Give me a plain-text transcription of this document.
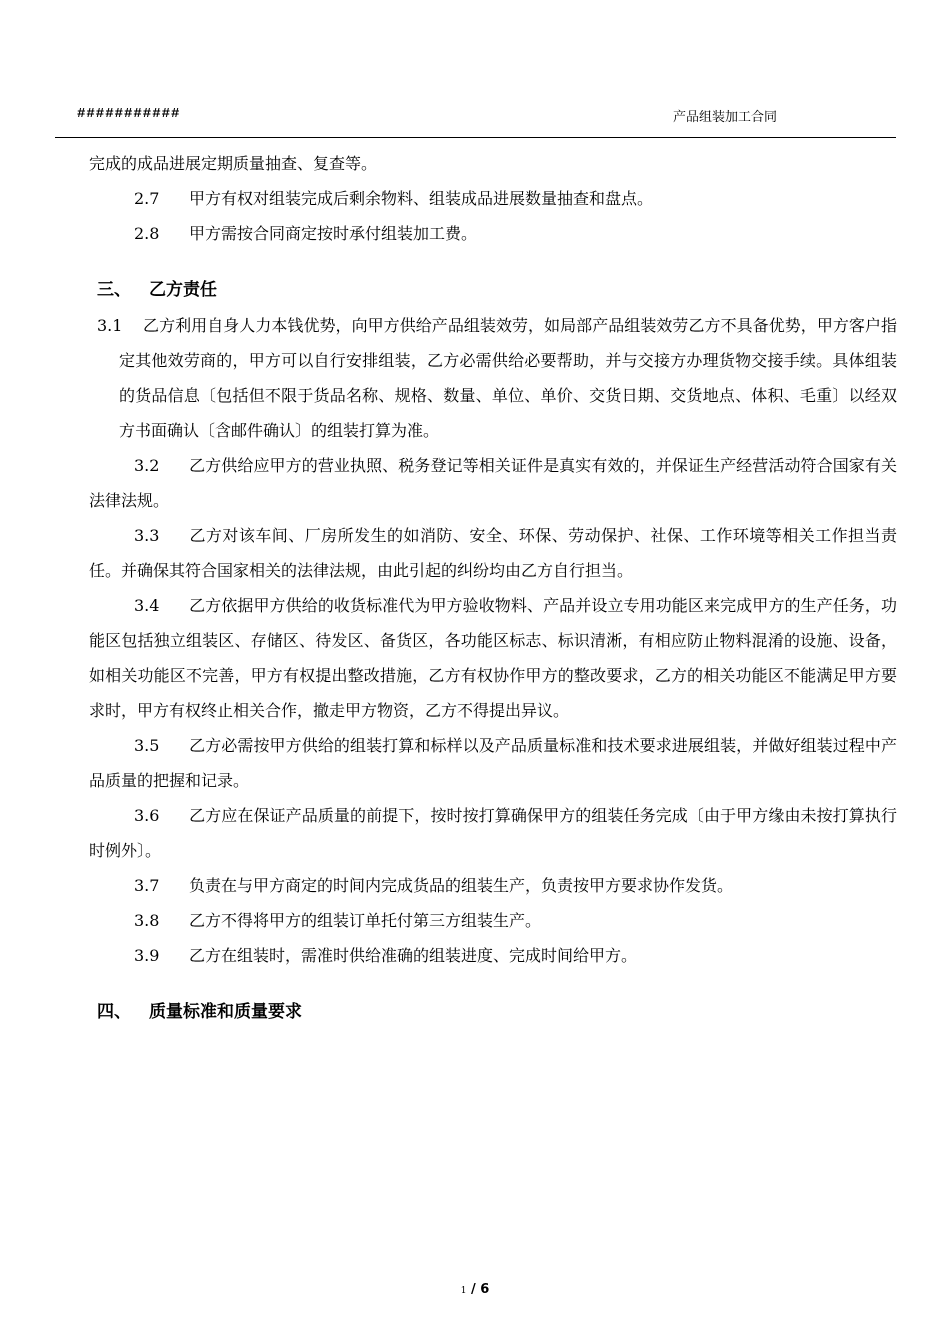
###########	产品组装加工合同

完成的成品进展定期质量抽查、复查等。

2.7 甲方有权对组装完成后剩余物料、组装成品进展数量抽查和盘点。

2.8 甲方需按合同商定按时承付组装加工费。

三、 乙方责任

3.1 乙方利用自身人力本钱优势，向甲方供给产品组装效劳，如局部产品组装效劳乙方不具备优势，甲方客户指定其他效劳商的，甲方可以自行安排组装，乙方必需供给必要帮助，并与交接方办理货物交接手续。具体组装的货品信息〔包括但不限于货品名称、规格、数量、单位、单价、交货日期、交货地点、体积、毛重〕以经双方书面确认〔含邮件确认〕的组装打算为准。

3.2 乙方供给应甲方的营业执照、税务登记等相关证件是真实有效的，并保证生产经营活动符合国家有关法律法规。

3.3 乙方对该车间、厂房所发生的如消防、安全、环保、劳动保护、社保、工作环境等相关工作担当责任。并确保其符合国家相关的法律法规，由此引起的纠纷均由乙方自行担当。

3.4 乙方依据甲方供给的收货标准代为甲方验收物料、产品并设立专用功能区来完成甲方的生产任务，功能区包括独立组装区、存储区、待发区、备货区，各功能区标志、标识清淅，有相应防止物料混淆的设施、设备，如相关功能区不完善，甲方有权提出整改措施，乙方有权协作甲方的整改要求，乙方的相关功能区不能满足甲方要求时，甲方有权终止相关合作，撤走甲方物资，乙方不得提出异议。

3.5 乙方必需按甲方供给的组装打算和标样以及产品质量标准和技术要求进展组装，并做好组装过程中产品质量的把握和记录。

3.6 乙方应在保证产品质量的前提下，按时按打算确保甲方的组装任务完成〔由于甲方缘由未按打算执行时例外〕。

3.7 负责在与甲方商定的时间内完成货品的组装生产，负责按甲方要求协作发货。

3.8 乙方不得将甲方的组装订单托付第三方组装生产。

3.9 乙方在组装时，需准时供给准确的组装进度、完成时间给甲方。

四、 质量标准和质量要求
1 / 6
